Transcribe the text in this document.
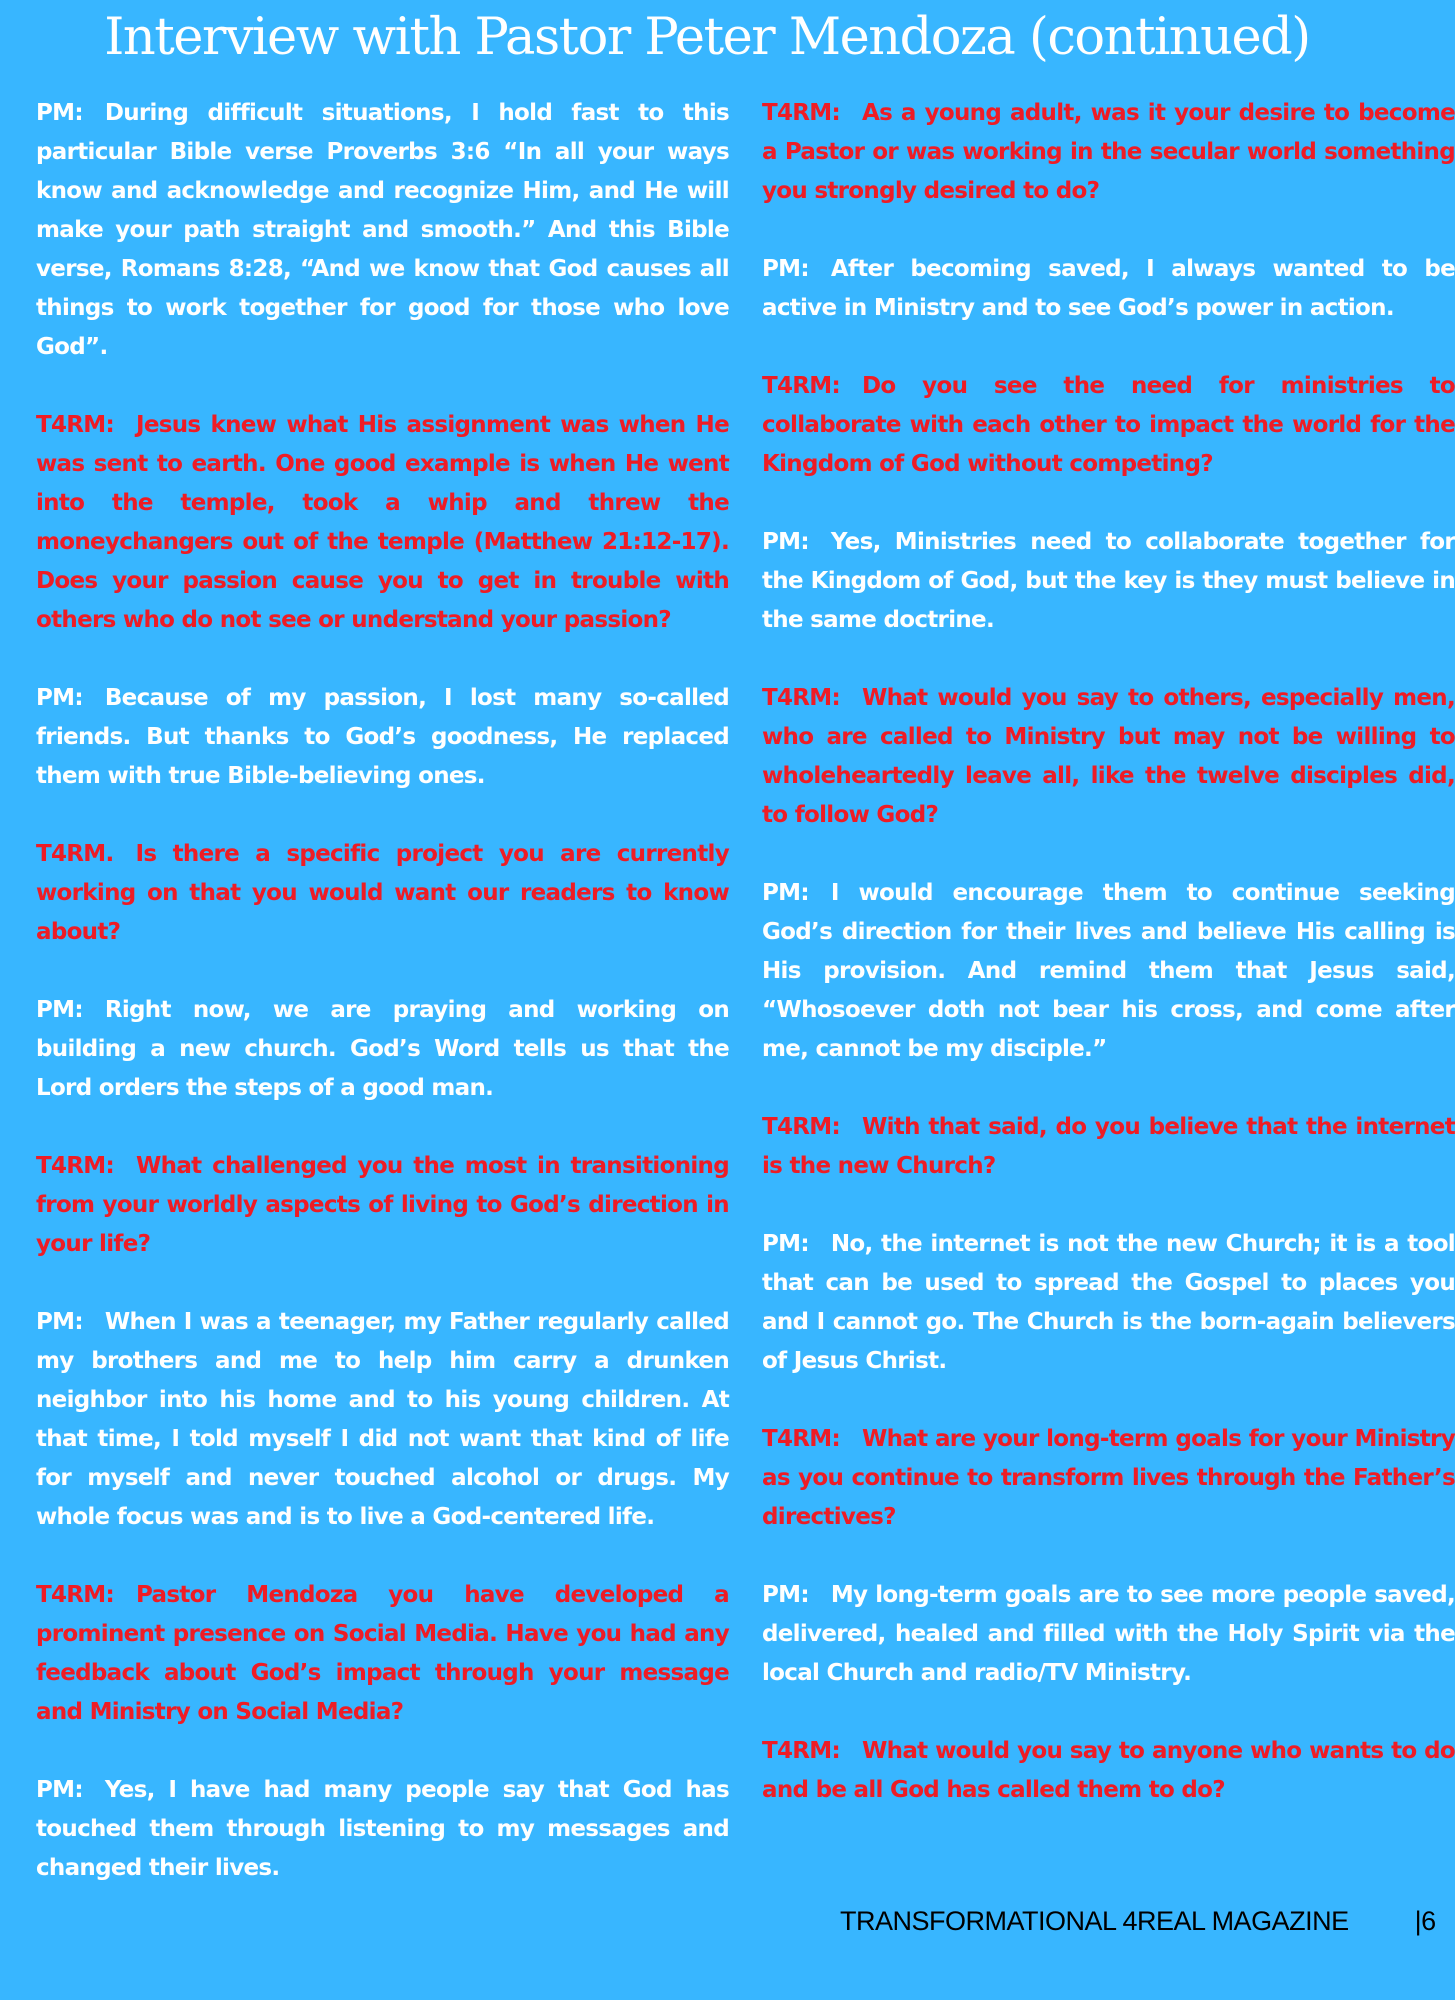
Interview with Pastor Peter Mendoza (continued)

PM: During difficult situations, I hold fast to this particular Bible verse Proverbs 3:6 “In all your ways know and acknowledge and recognize Him, and He will make your path straight and smooth.” And this Bible verse, Romans 8:28, “And we know that God causes all things to work together for good for those who love God”.

T4RM: Jesus knew what His assignment was when He was sent to earth. One good example is when He went into the temple, took a whip and threw the moneychangers out of the temple (Matthew 21:12-17). Does your passion cause you to get in trouble with others who do not see or understand your passion?

PM: Because of my passion, I lost many so-called friends. But thanks to God’s goodness, He replaced them with true Bible-believing ones.

T4RM. Is there a specific project you are currently working on that you would want our readers to know about?

PM: Right now, we are praying and working on building a new church. God’s Word tells us that the Lord orders the steps of a good man.

T4RM: What challenged you the most in transitioning from your worldly aspects of living to God’s direction in your life?

PM: When I was a teenager, my Father regularly called my brothers and me to help him carry a drunken neighbor into his home and to his young children. At that time, I told myself I did not want that kind of life for myself and never touched alcohol or drugs. My whole focus was and is to live a God-centered life.

T4RM: Pastor Mendoza you have developed a prominent presence on Social Media. Have you had any feedback about God’s impact through your message and Ministry on Social Media?

PM: Yes, I have had many people say that God has touched them through listening to my messages and changed their lives.

T4RM: As a young adult, was it your desire to become a Pastor or was working in the secular world something you strongly desired to do?

PM: After becoming saved, I always wanted to be active in Ministry and to see God’s power in action.

T4RM: Do you see the need for ministries to collaborate with each other to impact the world for the Kingdom of God without competing?

PM: Yes, Ministries need to collaborate together for the Kingdom of God, but the key is they must believe in the same doctrine.

T4RM: What would you say to others, especially men, who are called to Ministry but may not be willing to wholeheartedly leave all, like the twelve disciples did, to follow God?

PM: I would encourage them to continue seeking God’s direction for their lives and believe His calling is His provision. And remind them that Jesus said, “Whosoever doth not bear his cross, and come after me, cannot be my disciple.”

T4RM: With that said, do you believe that the internet is the new Church?

PM: No, the internet is not the new Church; it is a tool that can be used to spread the Gospel to places you and I cannot go. The Church is the born-again believers of Jesus Christ.

T4RM: What are your long-term goals for your Ministry as you continue to transform lives through the Father’s directives?

PM: My long-term goals are to see more people saved, delivered, healed and filled with the Holy Spirit via the local Church and radio/TV Ministry.

T4RM: What would you say to anyone who wants to do and be all God has called them to do?

TRANSFORMATIONAL 4REAL MAGAZINE |6
